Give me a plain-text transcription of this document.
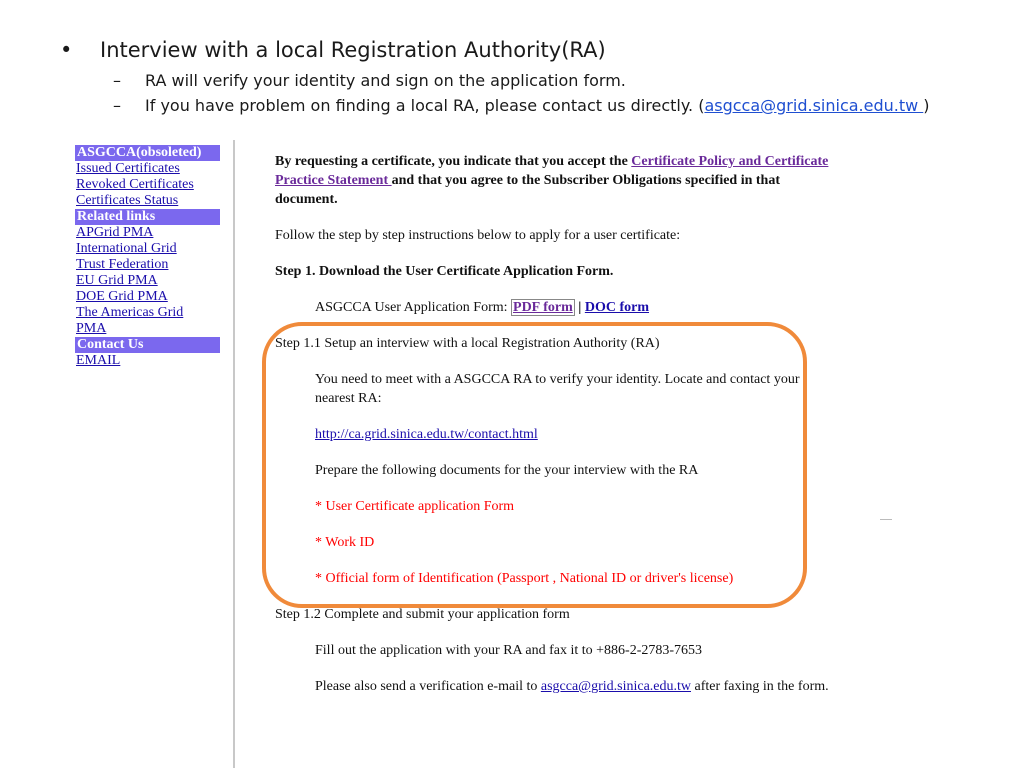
• Interview with a local Registration Authority(RA)
– RA will verify your identity and sign on the application form.
– If you have problem on finding a local RA, please contact us directly. (asgcca@grid.sinica.edu.tw )
ASGCCA(obsoleted)
Issued Certificates
Revoked Certificates
Certificates Status
Related links
APGrid PMA
International Grid
Trust Federation
EU Grid PMA
DOE Grid PMA
The Americas Grid
PMA
Contact Us
EMAIL

By requesting a certificate, you indicate that you accept the Certificate Policy and Certificate Practice Statement and that you agree to the Subscriber Obligations specified in that document.

Follow the step by step instructions below to apply for a user certificate:

Step 1. Download the User Certificate Application Form.

ASGCCA User Application Form: PDF form | DOC form

Step 1.1 Setup an interview with a local Registration Authority (RA)

You need to meet with a ASGCCA RA to verify your identity. Locate and contact your nearest RA:

http://ca.grid.sinica.edu.tw/contact.html

Prepare the following documents for the your interview with the RA

* User Certificate application Form

* Work ID

* Official form of Identification (Passport , National ID or driver's license)

Step 1.2 Complete and submit your application form

Fill out the application with your RA and fax it to +886-2-2783-7653

Please also send a verification e-mail to asgcca@grid.sinica.edu.tw after faxing in the form.
